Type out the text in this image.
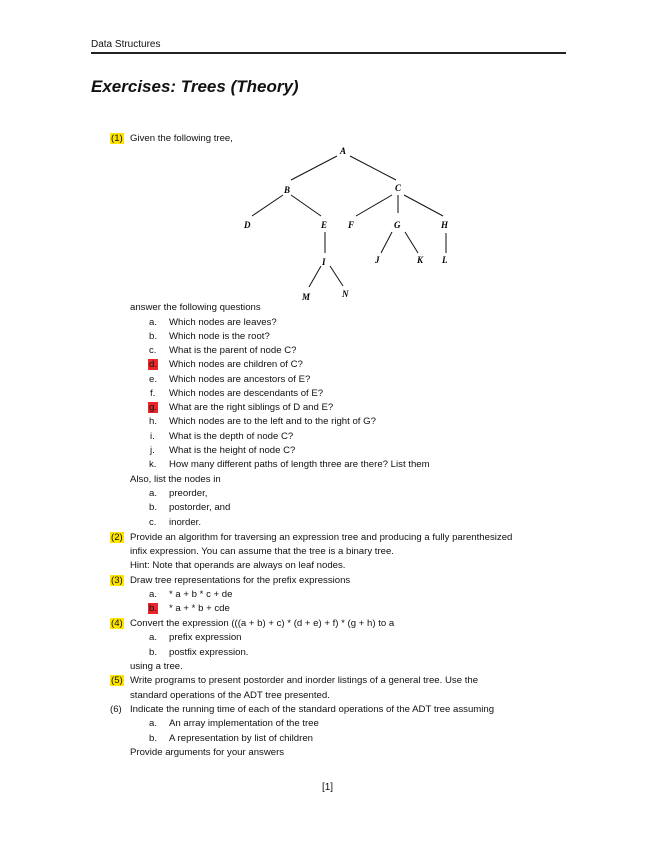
Data Structures
Exercises: Trees (Theory)
(1) Given the following tree,
A
B	C
D	E F	G	H
I	J	K L
M	N
answer the following questions
a. Which nodes are leaves?
b. Which node is the root?
c. What is the parent of node C?
d. Which nodes are children of C?
e. Which nodes are ancestors of E?
f. Which nodes are descendants of E?
g. What are the right siblings of D and E?
h. Which nodes are to the left and to the right of G?
i. What is the depth of node C?
j. What is the height of node C?
k. How many different paths of length three are there? List them
Also, list the nodes in
a. preorder,
b. postorder, and
c. inorder.
(2) Provide an algorithm for traversing an expression tree and producing a fully parenthesized
infix expression. You can assume that the tree is a binary tree.
Hint: Note that operands are always on leaf nodes.
(3) Draw tree representations for the prefix expressions
a. * a + b * c + de
b. * a + * b + cde
(4) Convert the expression (((a + b) + c) * (d + e) + f) * (g + h) to a
a. prefix expression
b. postfix expression.
using a tree.
(5) Write programs to present postorder and inorder listings of a general tree. Use the
standard operations of the ADT tree presented.
(6) Indicate the running time of each of the standard operations of the ADT tree assuming
a. An array implementation of the tree
b. A representation by list of children
Provide arguments for your answers
[1]
